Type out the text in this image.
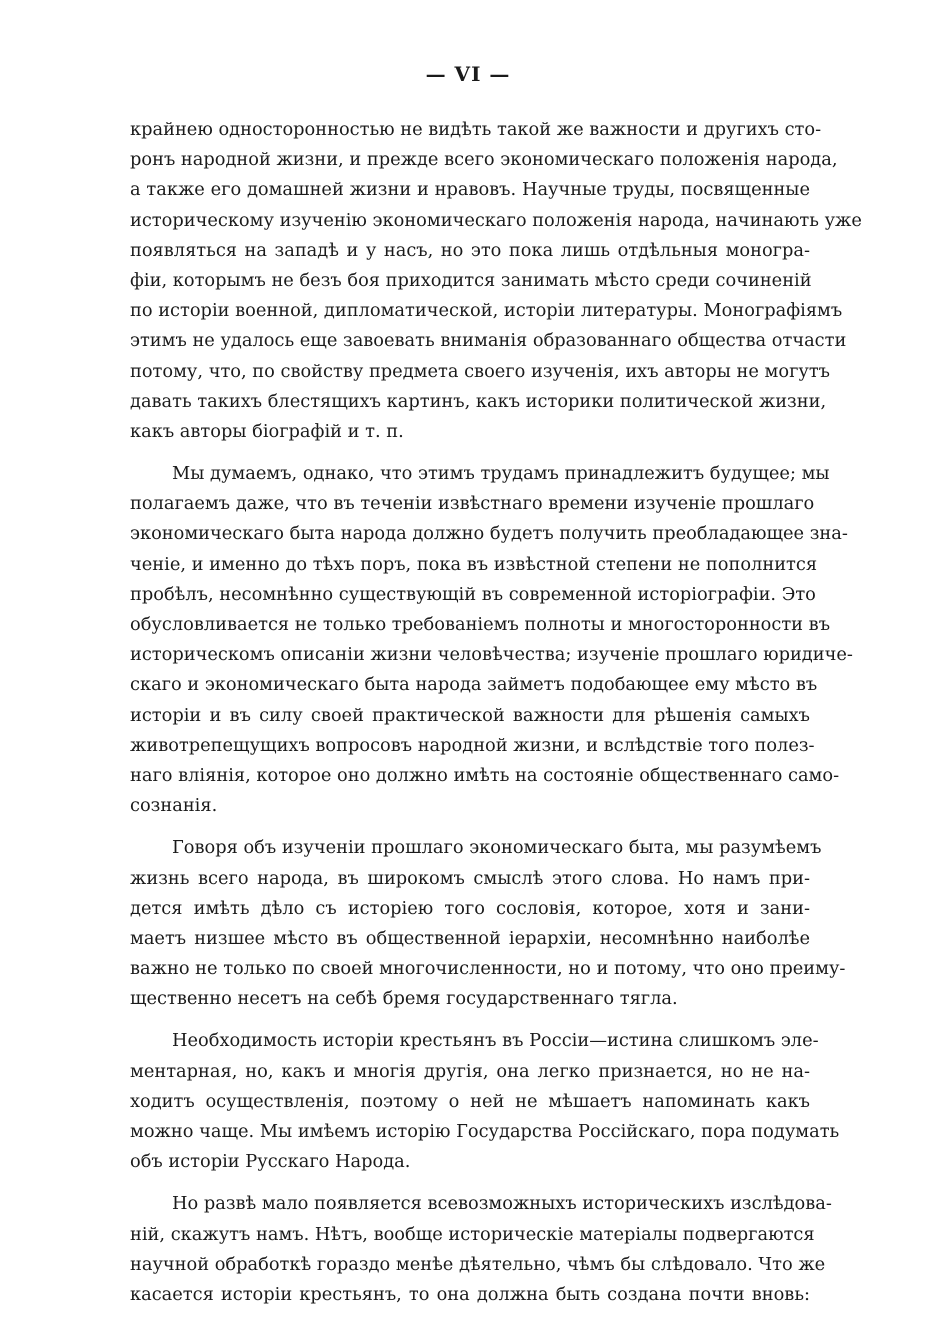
— VI —
крайнею односторонностью не видѣть такой же важности и другихъ сто-
ронъ народной жизни, и прежде всего экономическаго положенія народа,
а также его домашней жизни и нравовъ. Научные труды, посвященные
историческому изученію экономическаго положенія народа, начинають уже
появляться на западѣ и у насъ, но это пока лишь отдѣльныя моногра-
фіи, которымъ не безъ боя приходится занимать мѣсто среди сочиненій
по исторіи военной, дипломатической, исторіи литературы. Монографіямъ
этимъ не удалось еще завоевать вниманія образованнаго общества отчасти
потому, что, по свойству предмета своего изученія, ихъ авторы не могутъ
давать такихъ блестящихъ картинъ, какъ историки политической жизни,
какъ авторы біографій и т. п.
Мы думаемъ, однако, что этимъ трудамъ принадлежитъ будущее; мы
полагаемъ даже, что въ теченіи извѣстнаго времени изученіе прошлаго
экономическаго быта народа должно будетъ получить преобладающее зна-
ченіе, и именно до тѣхъ поръ, пока въ извѣстной степени не пополнится
пробѣлъ, несомнѣнно существующій въ современной исторіографіи. Это
обусловливается не только требованіемъ полноты и многосторонности въ
историческомъ описаніи жизни человѣчества; изученіе прошлаго юридиче-
скаго и экономическаго быта народа займетъ подобающее ему мѣсто въ
исторіи и въ силу своей практической важности для рѣшенія самыхъ
животрепещущихъ вопросовъ народной жизни, и вслѣдствіе того полез-
наго вліянія, которое оно должно имѣть на состояніе общественнаго само-
сознанія.
Говоря объ изученіи прошлаго экономическаго быта, мы разумѣемъ
жизнь всего народа, въ широкомъ смыслѣ этого слова. Но намъ при-
дется имѣть дѣло съ исторіею того сословія, которое, хотя и зани-
маетъ низшее мѣсто въ общественной іерархіи, несомнѣнно наиболѣе
важно не только по своей многочисленности, но и потому, что оно преиму-
щественно несетъ на себѣ бремя государственнаго тягла.
Необходимость исторіи крестьянъ въ Россіи—истина слишкомъ эле-
ментарная, но, какъ и многія другія, она легко признается, но не на-
ходитъ осуществленія, поэтому о ней не мѣшаетъ напоминать какъ
можно чаще. Мы имѣемъ исторію Государства Россійскаго, пора подумать
объ исторіи Русскаго Народа.
Но развѣ мало появляется всевозможныхъ историческихъ изслѣдова-
ній, скажутъ намъ. Нѣтъ, вообще историческіе матеріалы подвергаются
научной обработкѣ гораздо менѣе дѣятельно, чѣмъ бы слѣдовало. Что же
касается исторіи крестьянъ, то она должна быть создана почти вновь:
